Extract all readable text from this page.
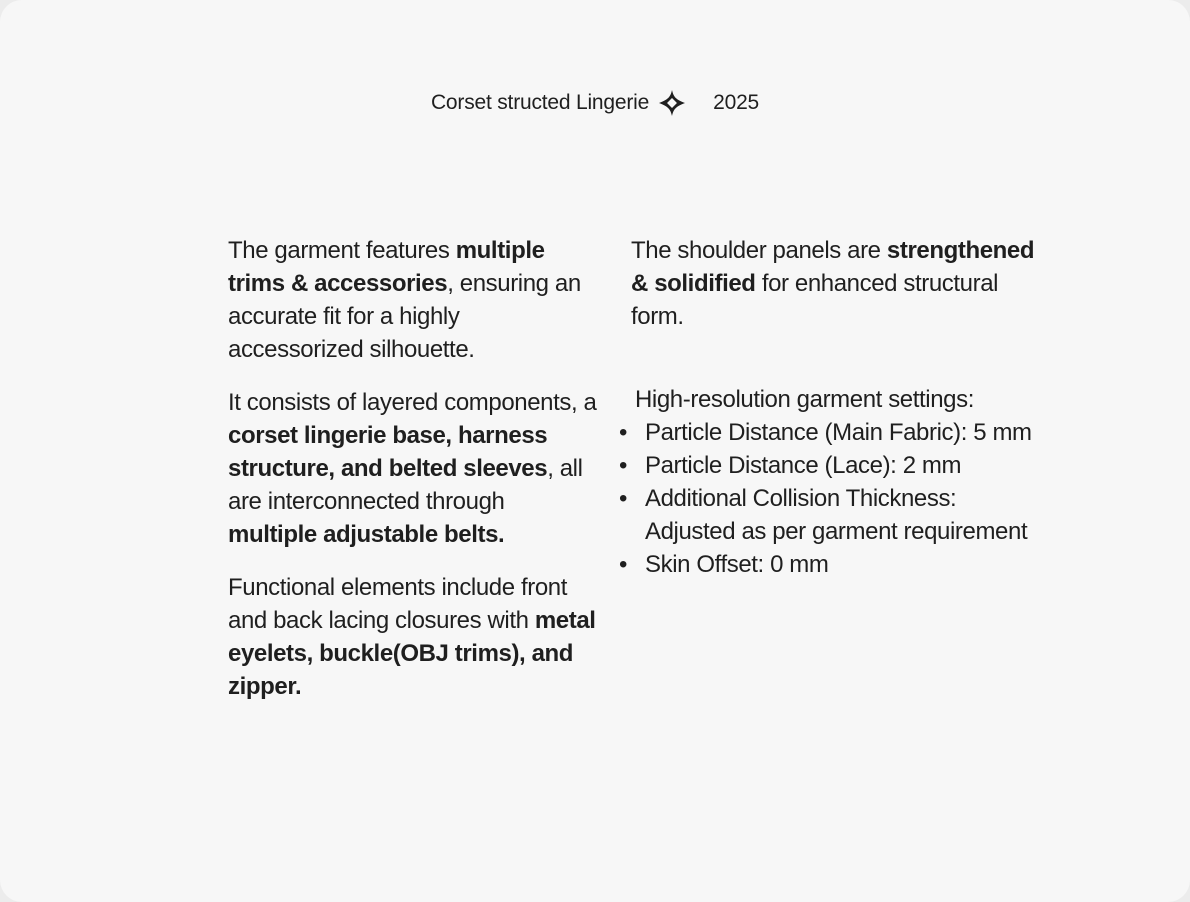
Corset structed Lingerie	2025

The garment features multiple trims & accessories, ensuring an accurate fit for a highly accessorized silhouette.

It consists of layered components, a corset lingerie base, harness structure, and belted sleeves, all are interconnected through multiple adjustable belts.

Functional elements include front and back lacing closures with metal eyelets, buckle(OBJ trims), and zipper.

The shoulder panels are strengthened & solidified for enhanced structural form.

High-resolution garment settings:
• Particle Distance (Main Fabric): 5 mm
• Particle Distance (Lace): 2 mm
• Additional Collision Thickness: Adjusted as per garment requirement
• Skin Offset: 0 mm
